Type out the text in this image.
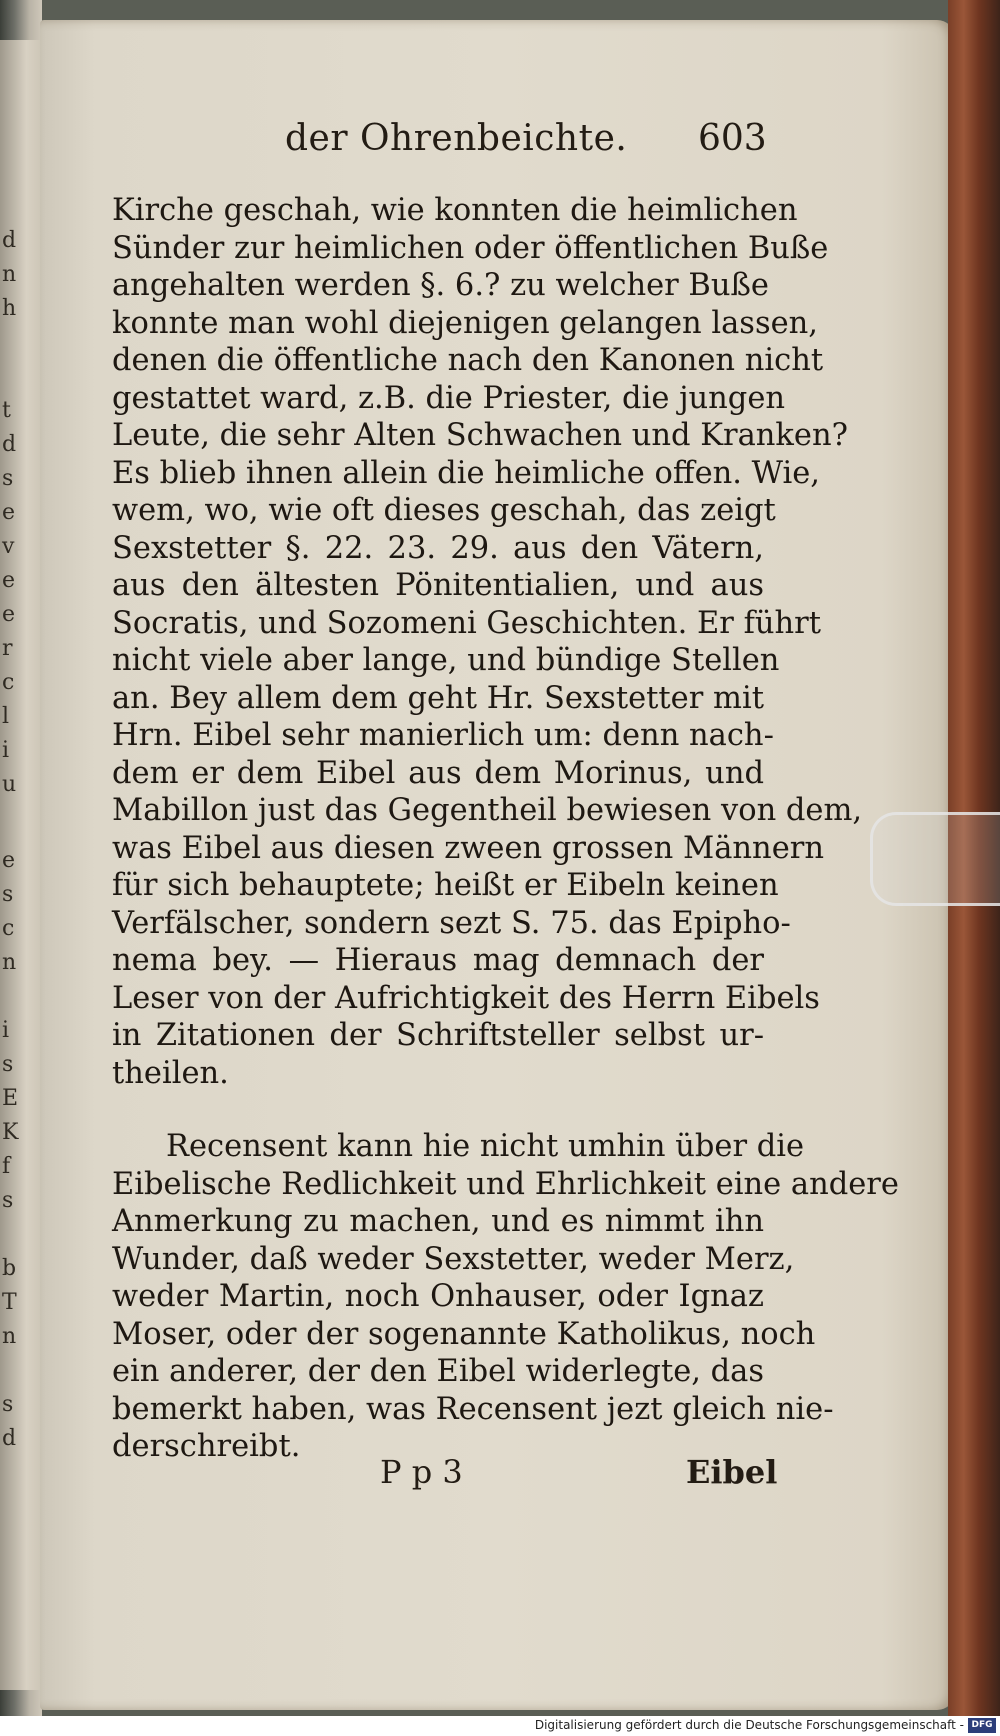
d
n
h
t
d
s
e
v
e
e
r
c
l
i
u
e
s
c
n
i
s
E
K
f
s
b
T
n
s
d
der Ohrenbeichte. 603
Kirche geschah, wie konnten die heimlichen
Sünder zur heimlichen oder öffentlichen Buße
angehalten werden §. 6.? zu welcher Buße
konnte man wohl diejenigen gelangen lassen,
denen die öffentliche nach den Kanonen nicht
gestattet ward, z.B. die Priester, die jungen
Leute, die sehr Alten Schwachen und Kranken?
Es blieb ihnen allein die heimliche offen. Wie,
wem, wo, wie oft dieses geschah, das zeigt
Sexstetter §. 22. 23. 29. aus den Vätern,
aus den ältesten Pönitentialien, und aus
Socratis, und Sozomeni Geschichten. Er führt
nicht viele aber lange, und bündige Stellen
an. Bey allem dem geht Hr. Sexstetter mit
Hrn. Eibel sehr manierlich um: denn nach-
dem er dem Eibel aus dem Morinus, und
Mabillon just das Gegentheil bewiesen von dem,
was Eibel aus diesen zween grossen Männern
für sich behauptete; heißt er Eibeln keinen
Verfälscher, sondern sezt S. 75. das Epipho-
nema bey. — Hieraus mag demnach der
Leser von der Aufrichtigkeit des Herrn Eibels
in Zitationen der Schriftsteller selbst ur-
theilen.
Recensent kann hie nicht umhin über die
Eibelische Redlichkeit und Ehrlichkeit eine andere
Anmerkung zu machen, und es nimmt ihn
Wunder, daß weder Sexstetter, weder Merz,
weder Martin, noch Onhauser, oder Ignaz
Moser, oder der sogenannte Katholikus, noch
ein anderer, der den Eibel widerlegte, das
bemerkt haben, was Recensent jezt gleich nie-
derschreibt.
P p 3	Eibel
Digitalisierung gefördert durch die Deutsche Forschungsgemeinschaft - DFG
